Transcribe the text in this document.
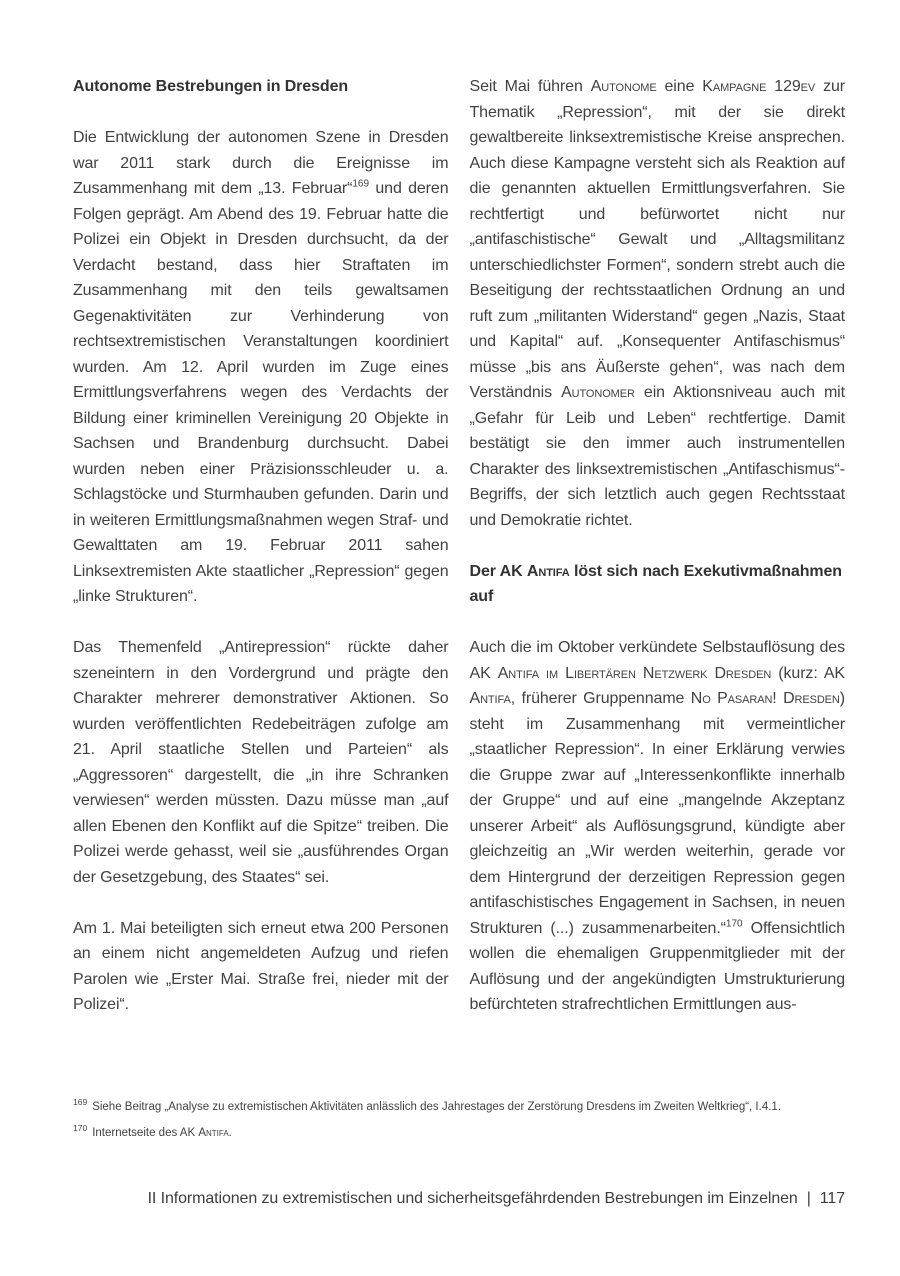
Autonome Bestrebungen in Dresden
Die Entwicklung der autonomen Szene in Dresden war 2011 stark durch die Ereignisse im Zusammenhang mit dem „13. Februar“$^{169}$ und deren Folgen geprägt. Am Abend des 19. Februar hatte die Polizei ein Objekt in Dresden durchsucht, da der Verdacht bestand, dass hier Straftaten im Zusammenhang mit den teils gewaltsamen Gegenaktivitäten zur Verhinderung von rechtsextremistischen Veranstaltungen koordiniert wurden. Am 12. April wurden im Zuge eines Ermittlungsverfahrens wegen des Verdachts der Bildung einer kriminellen Vereinigung 20 Objekte in Sachsen und Brandenburg durchsucht. Dabei wurden neben einer Präzisionsschleuder u. a. Schlagstöcke und Sturmhauben gefunden. Darin und in weiteren Ermittlungsmaßnahmen wegen Straf- und Gewalttaten am 19. Februar 2011 sahen Linksextremisten Akte staatlicher „Repression“ gegen „linke Strukturen“.
Das Themenfeld „Antirepression“ rückte daher szeneintern in den Vordergrund und prägte den Charakter mehrerer demonstrativer Aktionen. So wurden veröffentlichten Redebeiträgen zufolge am 21. April staatliche Stellen und Parteien“ als „Aggressoren“ dargestellt, die „in ihre Schranken verwiesen“ werden müssten. Dazu müsse man „auf allen Ebenen den Konflikt auf die Spitze“ treiben. Die Polizei werde gehasst, weil sie „ausführendes Organ der Gesetzgebung, des Staates“ sei.
Am 1. Mai beteiligten sich erneut etwa 200 Personen an einem nicht angemeldeten Aufzug und riefen Parolen wie „Erster Mai. Straße frei, nieder mit der Polizei“.
Seit Mai führen Autonome eine Kampagne 129ev zur Thematik „Repression“, mit der sie direkt gewaltbereite linksextremistische Kreise ansprechen. Auch diese Kampagne versteht sich als Reaktion auf die genannten aktuellen Ermittlungsverfahren. Sie rechtfertigt und befürwortet nicht nur „antifaschistische“ Gewalt und „Alltagsmilitanz unterschiedlichster Formen“, sondern strebt auch die Beseitigung der rechtsstaatlichen Ordnung an und ruft zum „militanten Widerstand“ gegen „Nazis, Staat und Kapital“ auf. „Konsequenter Antifaschismus“ müsse „bis ans Äußerste gehen“, was nach dem Verständnis Autonomer ein Aktionsniveau auch mit „Gefahr für Leib und Leben“ rechtfertige. Damit bestätigt sie den immer auch instrumentellen Charakter des linksextremistischen „Antifaschismus“-Begriffs, der sich letztlich auch gegen Rechtsstaat und Demokratie richtet.
Der AK Antifa löst sich nach Exekutivmaßnahmen auf
Auch die im Oktober verkündete Selbstauflösung des AK Antifa im Libertären Netzwerk Dresden (kurz: AK Antifa, früherer Gruppenname No Pasaran! Dresden) steht im Zusammenhang mit vermeintlicher „staatlicher Repression“. In einer Erklärung verwies die Gruppe zwar auf „Interessenkonflikte innerhalb der Gruppe“ und auf eine „mangelnde Akzeptanz unserer Arbeit“ als Auflösungsgrund, kündigte aber gleichzeitig an „Wir werden weiterhin, gerade vor dem Hintergrund der derzeitigen Repression gegen antifaschistisches Engagement in Sachsen, in neuen Strukturen (...) zusammenarbeiten.“$^{170}$ Offensichtlich wollen die ehemaligen Gruppenmitglieder mit der Auflösung und der angekündigten Umstrukturierung befürchteten strafrechtlichen Ermittlungen aus-
$^{169}$ Siehe Beitrag „Analyse zu extremistischen Aktivitäten anlässlich des Jahrestages der Zerstörung Dresdens im Zweiten Weltkrieg“, I.4.1.
$^{170}$ Internetseite des AK Antifa.
II Informationen zu extremistischen und sicherheitsgefährdenden Bestrebungen im Einzelnen | 117
